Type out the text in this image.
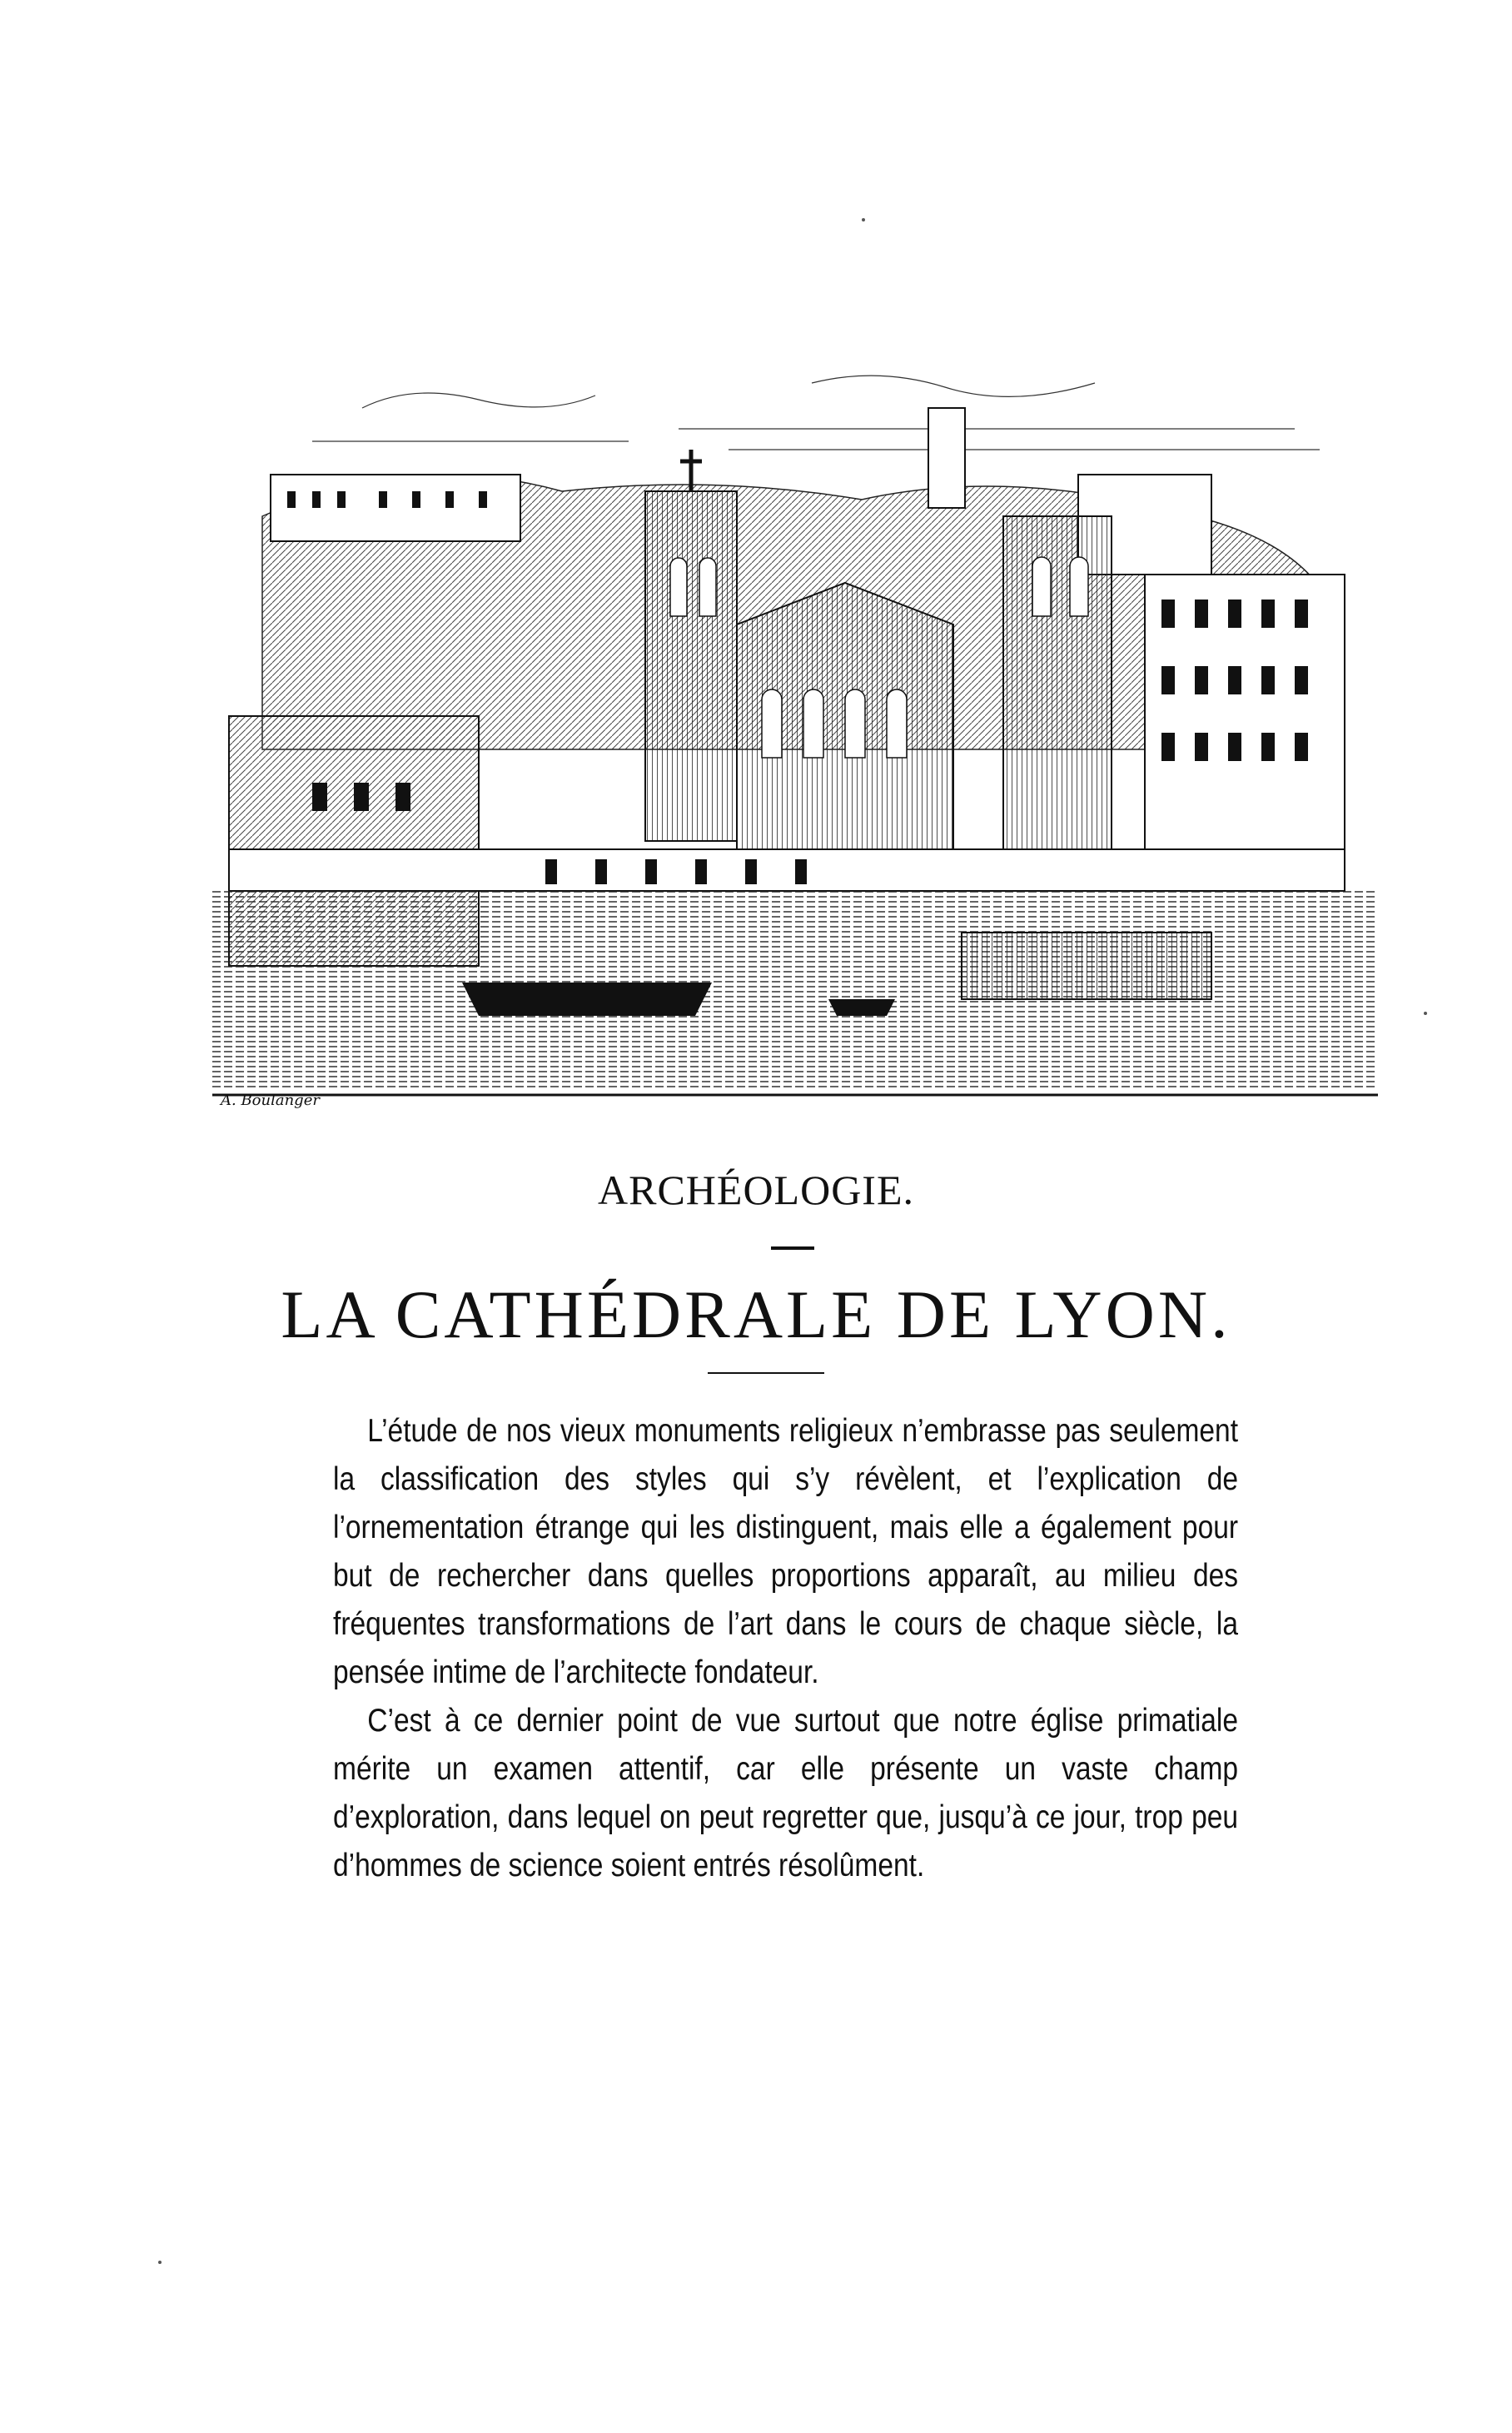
A. Boulanger
ARCHÉOLOGIE.
LA CATHÉDRALE DE LYON.

L’étude de nos vieux monuments religieux n’embrasse pas seulement la classification des styles qui s’y révèlent, et l’explication de l’ornementation étrange qui les distinguent, mais elle a également pour but de rechercher dans quelles proportions apparaît, au milieu des fréquentes transformations de l’art dans le cours de chaque siècle, la pensée intime de l’architecte fondateur.

C’est à ce dernier point de vue surtout que notre église primatiale mérite un examen attentif, car elle présente un vaste champ d’exploration, dans lequel on peut regretter que, jusqu’à ce jour, trop peu d’hommes de science soient entrés résolûment.
